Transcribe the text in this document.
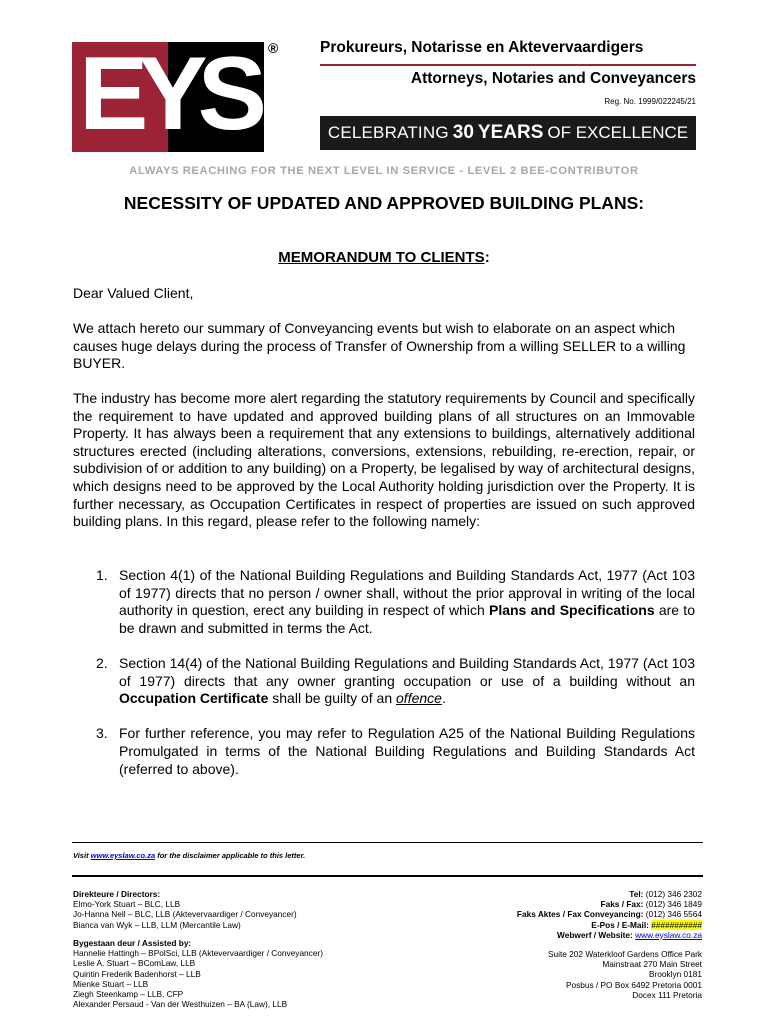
EYS ®	Prokureurs, Notarisse en Aktevervaardigers
Attorneys, Notaries and Conveyancers
Reg. No. 1999/022245/21
CELEBRATING 30 YEARS OF EXCELLENCE
ALWAYS REACHING FOR THE NEXT LEVEL IN SERVICE - LEVEL 2 BEE-CONTRIBUTOR
NECESSITY OF UPDATED AND APPROVED BUILDING PLANS:
MEMORANDUM TO CLIENTS:
Dear Valued Client,
We attach hereto our summary of Conveyancing events but wish to elaborate on an aspect which causes huge delays during the process of Transfer of Ownership from a willing SELLER to a willing BUYER.
The industry has become more alert regarding the statutory requirements by Council and specifically the requirement to have updated and approved building plans of all structures on an Immovable Property. It has always been a requirement that any extensions to buildings, alternatively additional structures erected (including alterations, conversions, extensions, rebuilding, re-erection, repair, or subdivision of or addition to any building) on a Property, be legalised by way of architectural designs, which designs need to be approved by the Local Authority holding jurisdiction over the Property. It is further necessary, as Occupation Certificates in respect of properties are issued on such approved building plans. In this regard, please refer to the following namely:
1. Section 4(1) of the National Building Regulations and Building Standards Act, 1977 (Act 103 of 1977) directs that no person / owner shall, without the prior approval in writing of the local authority in question, erect any building in respect of which Plans and Specifications are to be drawn and submitted in terms the Act.
2. Section 14(4) of the National Building Regulations and Building Standards Act, 1977 (Act 103 of 1977) directs that any owner granting occupation or use of a building without an Occupation Certificate shall be guilty of an offence.
3. For further reference, you may refer to Regulation A25 of the National Building Regulations Promulgated in terms of the National Building Regulations and Building Standards Act (referred to above).
Visit www.eyslaw.co.za for the disclaimer applicable to this letter.
Direkteure / Directors:
Elmo-York Stuart – BLC, LLB
Jo-Hanna Nell – BLC, LLB (Aktevervaardiger / Conveyancer)
Bianca van Wyk – LLB, LLM (Mercantile Law)
Bygestaan deur / Assisted by:
Hannelie Hattingh – BPolSci, LLB (Aktevervaardiger / Conveyancer)
Leslie A. Stuart – BComLaw, LLB
Quintin Frederik Badenhorst – LLB
Mienke Stuart – LLB
Ziegh Steenkamp – LLB, CFP
Alexander Persaud - Van der Westhuizen – BA (Law), LLB
Tel: (012) 346 2302
Faks / Fax: (012) 346 1849
Faks Aktes / Fax Conveyancing: (012) 346 5564
E-Pos / E-Mail: ###########
Webwerf / Website: www.eyslaw.co.za
Suite 202 Waterkloof Gardens Office Park
Mainstraat 270 Main Street
Brooklyn 0181
Posbus / PO Box 6492 Pretoria 0001
Docex 111 Pretoria
